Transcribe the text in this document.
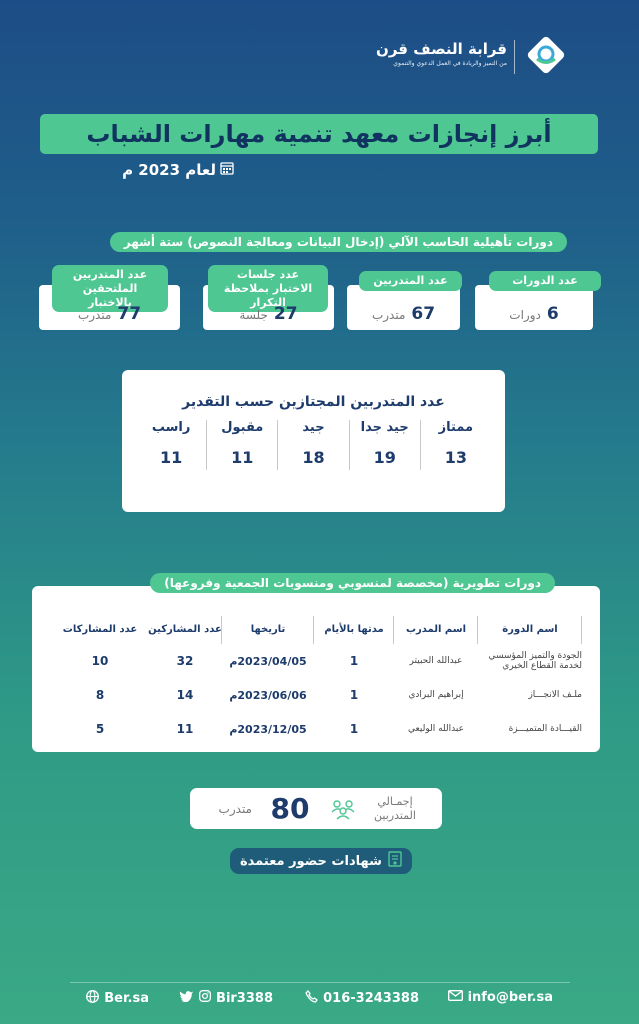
قرابة النصف قرن
من التميز والريادة في العمل الدعوي والتنموي
أبرز إنجازات معهد تنمية مهارات الشباب
لعام 2023 م
دورات تأهيلية الحاسب الآلي (إدخال البيانات ومعالجة النصوص) ستة أشهر
عدد الدورات
6دورات
عدد المتدربين
67متدرب
عدد جلسات الاختبار بملاحظة التكرار
27جلسة
عدد المتدربين الملتحقين بالاختبار
77متدرب
عدد المتدربين المجتازين حسب التقدير
ممتاز
13
جيد جدا
19
جيد
18
مقبول
11
راسب
11
اسم الدورة
اسم المدرب
مدتها بالأيام
تاريخها
عدد المشاركين
عدد المشاركات
الجودة والتميز المؤسسي لخدمة القطاع الخيري
عبدالله الحبيتر
1
2023/04/05م
32
10
ملـف الانجـــاز
إبراهيم البرادي
1
2023/06/06م
14
8
القيـــادة المتميـــزة
عبدالله الوليعي
1
2023/12/05م
11
5
دورات تطويرية (مخصصة لمنسوبي ومنسوبات الجمعية وفروعها)
إجمـالي المتدربين
80
متدرب
شهادات حضور معتمدة
info@ber.sa
016-3243388
Bir3388
Ber.sa
